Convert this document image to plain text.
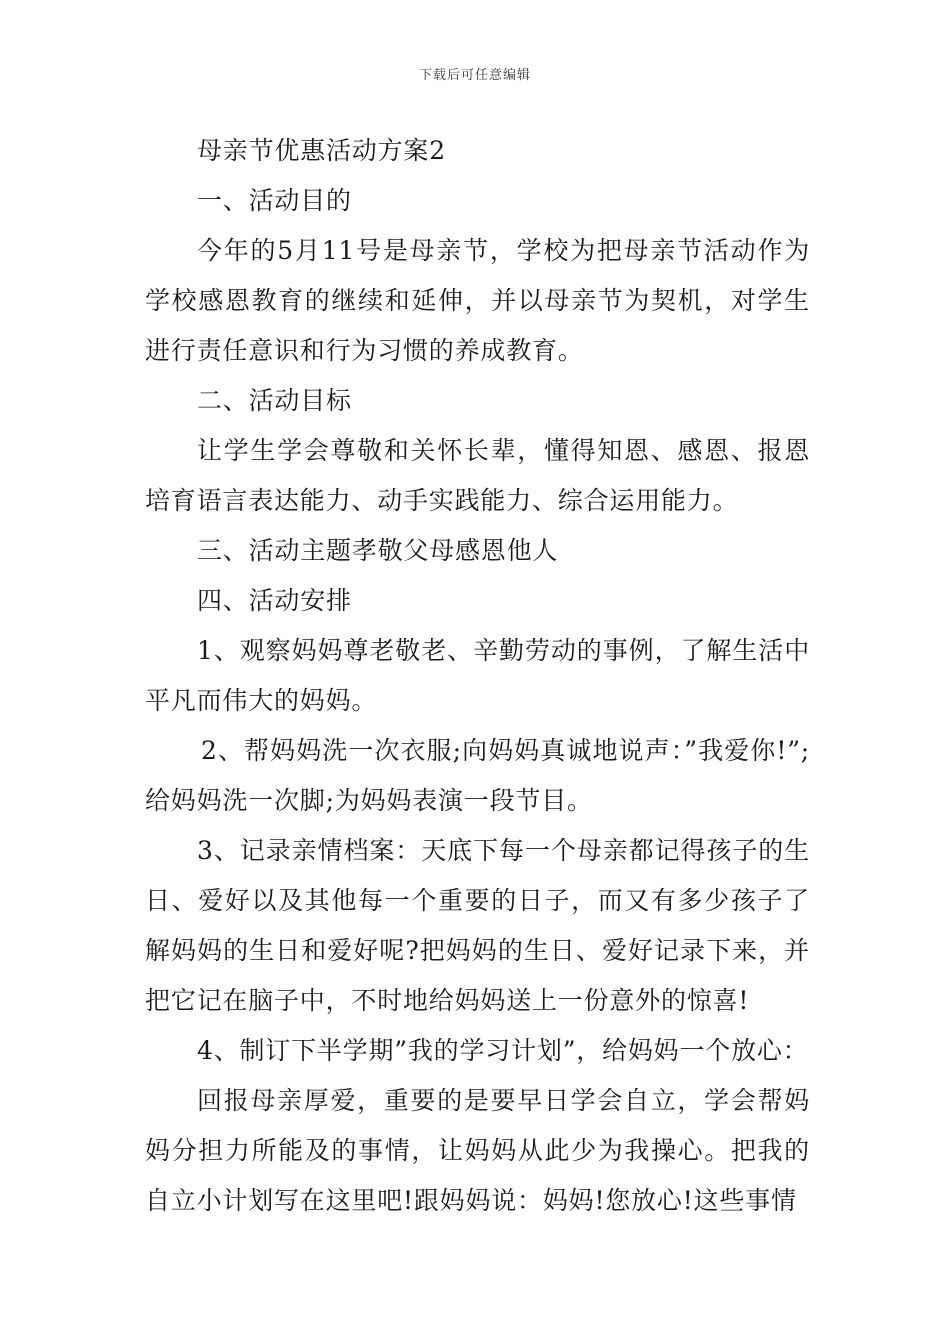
下载后可任意编辑

母亲节优惠活动方案2

一、活动目的

今年的5月11号是母亲节，学校为把母亲节活动作为学校感恩教育的继续和延伸，并以母亲节为契机，对学生进行责任意识和行为习惯的养成教育。

二、活动目标

让学生学会尊敬和关怀长辈，懂得知恩、感恩、报恩培育语言表达能力、动手实践能力、综合运用能力。

三、活动主题孝敬父母感恩他人

四、活动安排

1、观察妈妈尊老敬老、辛勤劳动的事例，了解生活中平凡而伟大的妈妈。

2、帮妈妈洗一次衣服;向妈妈真诚地说声：”我爱你!”;给妈妈洗一次脚;为妈妈表演一段节目。

3、记录亲情档案：天底下每一个母亲都记得孩子的生日、爱好以及其他每一个重要的日子，而又有多少孩子了解妈妈的生日和爱好呢?把妈妈的生日、爱好记录下来，并把它记在脑子中，不时地给妈妈送上一份意外的惊喜!

4、制订下半学期”我的学习计划”，给妈妈一个放心：

回报母亲厚爱，重要的是要早日学会自立，学会帮妈妈分担力所能及的事情，让妈妈从此少为我操心。把我的自立小计划写在这里吧!跟妈妈说：妈妈!您放心!这些事情
